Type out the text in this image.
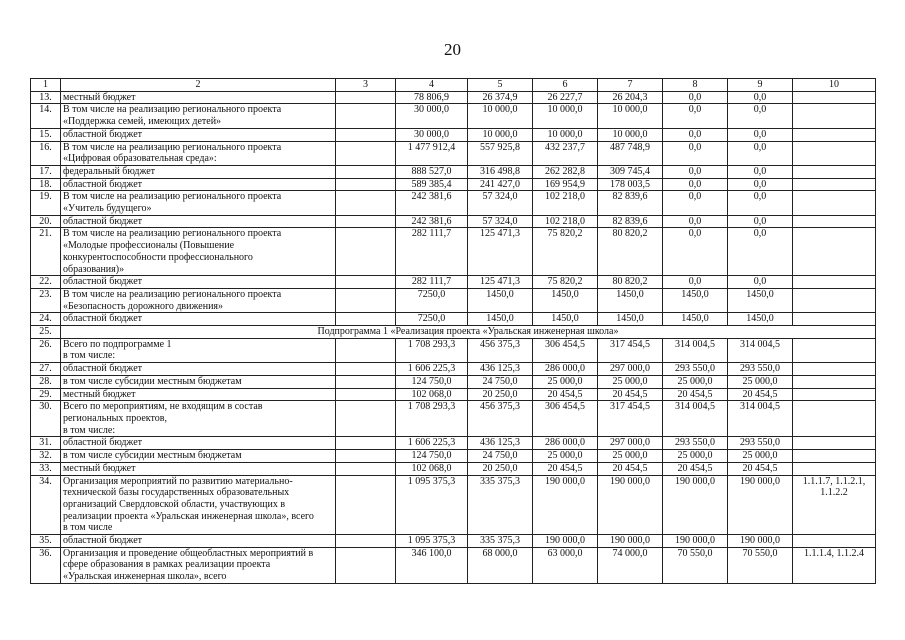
20
1	2	3	4	5	6	7	8	9	10
13.	местный бюджет		78 806,9	26 374,9	26 227,7	26 204,3	0,0	0,0	
14.	В том числе на реализацию регионального проекта
«Поддержка семей, имеющих детей»		30 000,0	10 000,0	10 000,0	10 000,0	0,0	0,0	
15.	областной бюджет		30 000,0	10 000,0	10 000,0	10 000,0	0,0	0,0	
16.	В том числе на реализацию регионального проекта
«Цифровая образовательная среда»:		1 477 912,4	557 925,8	432 237,7	487 748,9	0,0	0,0	
17.	федеральный бюджет		888 527,0	316 498,8	262 282,8	309 745,4	0,0	0,0	
18.	областной бюджет		589 385,4	241 427,0	169 954,9	178 003,5	0,0	0,0	
19.	В том числе на реализацию регионального проекта
«Учитель будущего»		242 381,6	57 324,0	102 218,0	82 839,6	0,0	0,0	
20.	областной бюджет		242 381,6	57 324,0	102 218,0	82 839,6	0,0	0,0	
21.	В том числе на реализацию регионального проекта
«Молодые профессионалы (Повышение
конкурентоспособности профессионального
образования)»		282 111,7	125 471,3	75 820,2	80 820,2	0,0	0,0	
22.	областной бюджет		282 111,7	125 471,3	75 820,2	80 820,2	0,0	0,0	
23.	В том числе на реализацию регионального проекта
«Безопасность дорожного движения»		7250,0	1450,0	1450,0	1450,0	1450,0	1450,0	
24.	областной бюджет		7250,0	1450,0	1450,0	1450,0	1450,0	1450,0	
25.	Подпрограмма 1 «Реализация проекта «Уральская инженерная школа»								
26.	Всего по подпрограмме 1
в том числе:		1 708 293,3	456 375,3	306 454,5	317 454,5	314 004,5	314 004,5	
27.	областной бюджет		1 606 225,3	436 125,3	286 000,0	297 000,0	293 550,0	293 550,0	
28.	в том числе субсидии местным бюджетам		124 750,0	24 750,0	25 000,0	25 000,0	25 000,0	25 000,0	
29.	местный бюджет		102 068,0	20 250,0	20 454,5	20 454,5	20 454,5	20 454,5	
30.	Всего по мероприятиям, не входящим в состав
региональных проектов,
в том числе:		1 708 293,3	456 375,3	306 454,5	317 454,5	314 004,5	314 004,5	
31.	областной бюджет		1 606 225,3	436 125,3	286 000,0	297 000,0	293 550,0	293 550,0	
32.	в том числе субсидии местным бюджетам		124 750,0	24 750,0	25 000,0	25 000,0	25 000,0	25 000,0	
33.	местный бюджет		102 068,0	20 250,0	20 454,5	20 454,5	20 454,5	20 454,5	
34.	Организация мероприятий по развитию материально-
технической базы государственных образовательных
организаций Свердловской области, участвующих в
реализации проекта «Уральская инженерная школа», всего
в том числе		1 095 375,3	335 375,3	190 000,0	190 000,0	190 000,0	190 000,0	1.1.1.7, 1.1.2.1,
1.1.2.2
35.	областной бюджет		1 095 375,3	335 375,3	190 000,0	190 000,0	190 000,0	190 000,0	
36.	Организация и проведение общеобластных мероприятий в
сфере образования в рамках реализации проекта
«Уральская инженерная школа», всего		346 100,0	68 000,0	63 000,0	74 000,0	70 550,0	70 550,0	1.1.1.4, 1.1.2.4
